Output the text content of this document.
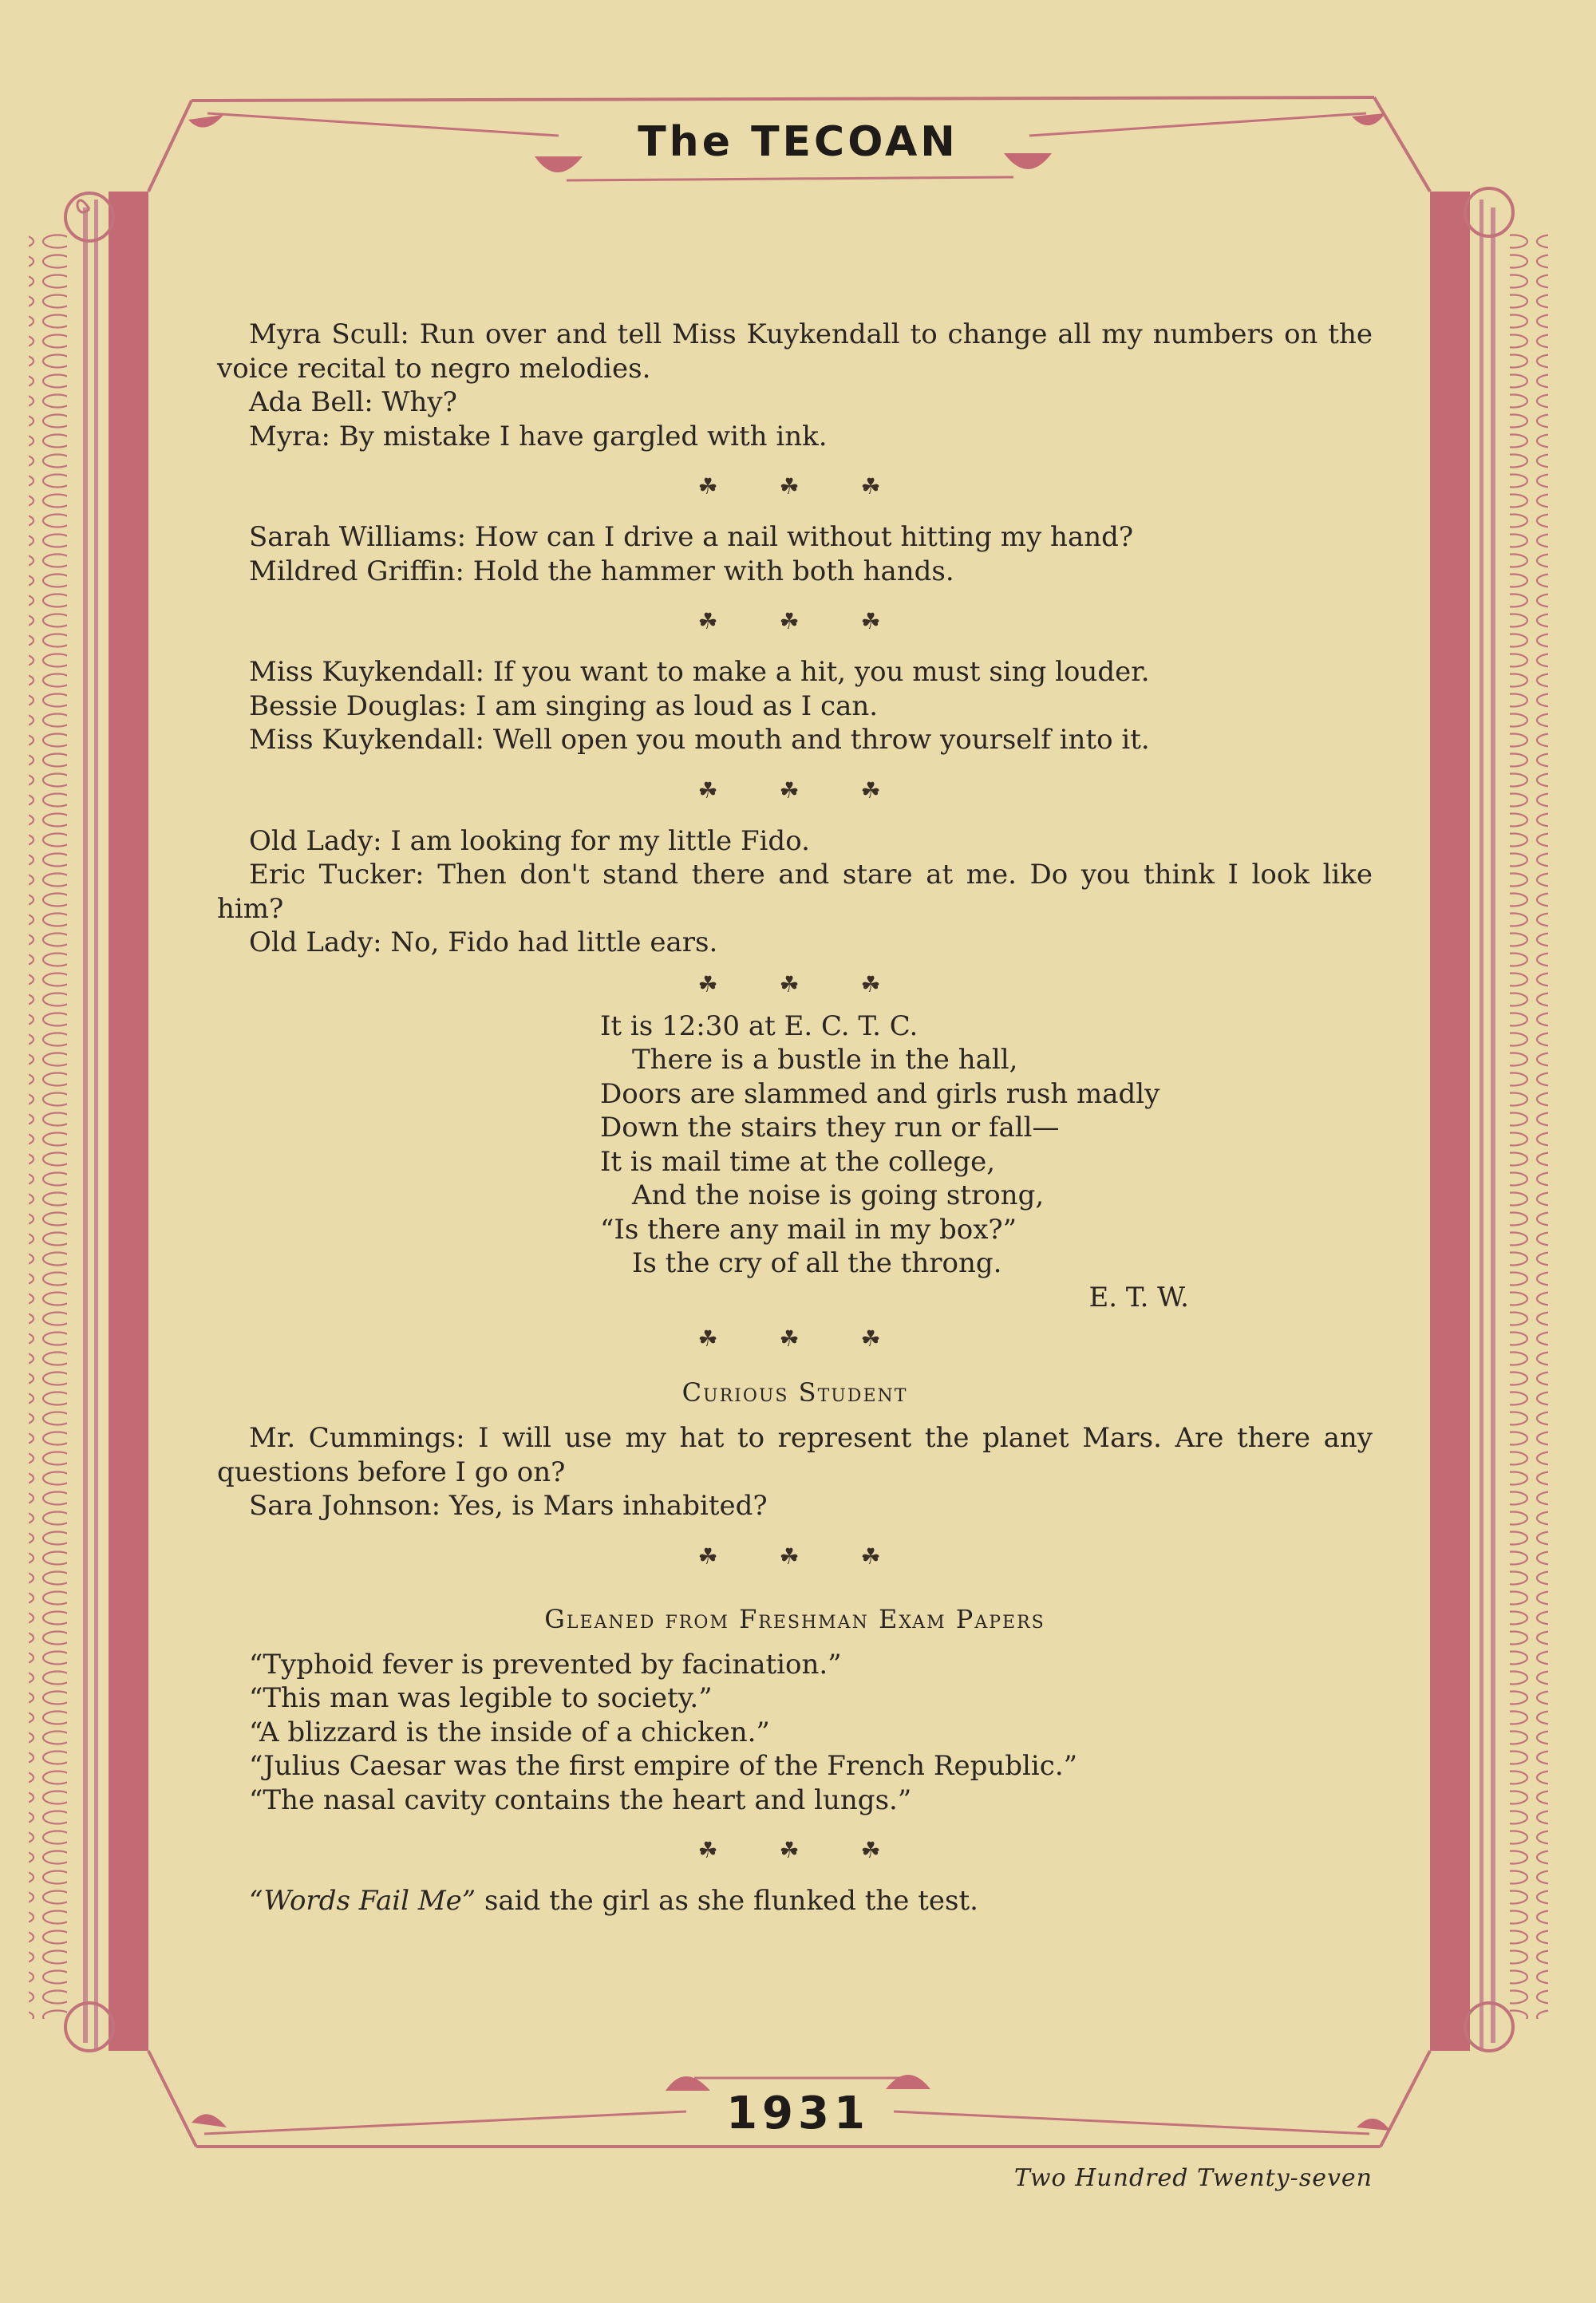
The TECOAN
1931

Myra Scull: Run over and tell Miss Kuykendall to change all my numbers on the voice recital to negro melodies.

Ada Bell: Why?
Myra: By mistake I have gargled with ink.
☘ ☘ ☘
Sarah Williams: How can I drive a nail without hitting my hand?
Mildred Griffin: Hold the hammer with both hands.
☘ ☘ ☘
Miss Kuykendall: If you want to make a hit, you must sing louder.
Bessie Douglas: I am singing as loud as I can.
Miss Kuykendall: Well open you mouth and throw yourself into it.
☘ ☘ ☘
Old Lady: I am looking for my little Fido.

Eric Tucker: Then don't stand there and stare at me. Do you think I look like him?

Old Lady: No, Fido had little ears.
☘ ☘ ☘
It is 12:30 at E. C. T. C.
There is a bustle in the hall,
Doors are slammed and girls rush madly
Down the stairs they run or fall—
It is mail time at the college,
And the noise is going strong,
“Is there any mail in my box?”
Is the cry of all the throng.
E. T. W.
☘ ☘ ☘
Curious Student

Mr. Cummings: I will use my hat to represent the planet Mars. Are there any questions before I go on?

Sara Johnson: Yes, is Mars inhabited?
☘ ☘ ☘
Gleaned from Freshman Exam Papers
“Typhoid fever is prevented by facination.”
“This man was legible to society.”
“A blizzard is the inside of a chicken.”
“Julius Caesar was the first empire of the French Republic.”
“The nasal cavity contains the heart and lungs.”
☘ ☘ ☘
“Words Fail Me” said the girl as she flunked the test.
Two Hundred Twenty-seven
